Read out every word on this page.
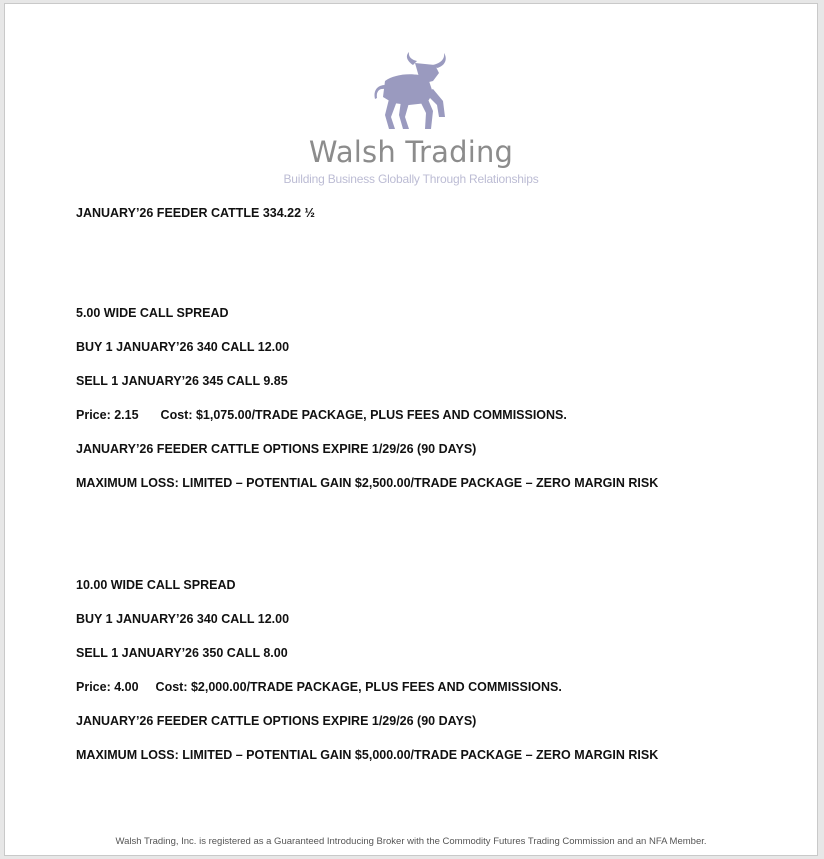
Walsh Trading
Building Business Globally Through Relationships
JANUARY’26 FEEDER CATTLE 334.22 ½
5.00 WIDE CALL SPREAD
BUY 1 JANUARY’26 340 CALL 12.00
SELL 1 JANUARY’26 345 CALL 9.85
Price: 2.15 Cost: $1,075.00/TRADE PACKAGE, PLUS FEES AND COMMISSIONS.
JANUARY’26 FEEDER CATTLE OPTIONS EXPIRE 1/29/26 (90 DAYS)
MAXIMUM LOSS: LIMITED – POTENTIAL GAIN $2,500.00/TRADE PACKAGE – ZERO MARGIN RISK
10.00 WIDE CALL SPREAD
BUY 1 JANUARY’26 340 CALL 12.00
SELL 1 JANUARY’26 350 CALL 8.00
Price: 4.00 Cost: $2,000.00/TRADE PACKAGE, PLUS FEES AND COMMISSIONS.
JANUARY’26 FEEDER CATTLE OPTIONS EXPIRE 1/29/26 (90 DAYS)
MAXIMUM LOSS: LIMITED – POTENTIAL GAIN $5,000.00/TRADE PACKAGE – ZERO MARGIN RISK
Walsh Trading, Inc. is registered as a Guaranteed Introducing Broker with the Commodity Futures Trading Commission and an NFA Member.
